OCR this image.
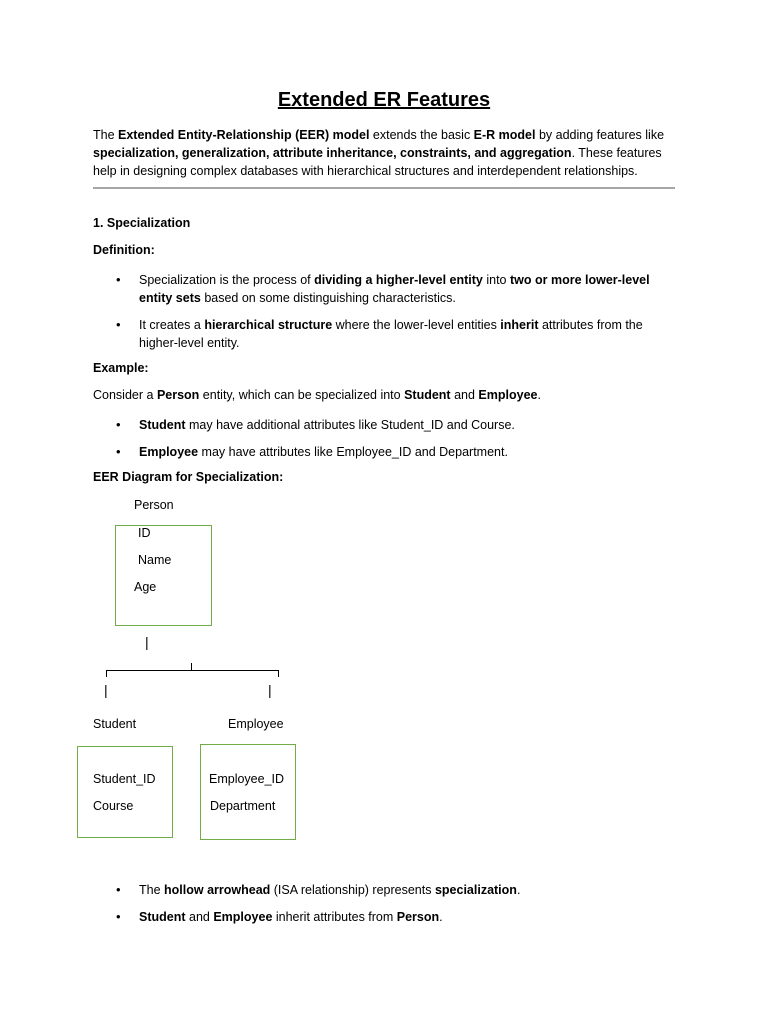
Extended ER Features
The Extended Entity-Relationship (EER) model extends the basic E-R model by adding features like specialization, generalization, attribute inheritance, constraints, and aggregation. These features help in designing complex databases with hierarchical structures and interdependent relationships.
1. Specialization
Definition:
• Specialization is the process of dividing a higher-level entity into two or more lower-level entity sets based on some distinguishing characteristics.
• It creates a hierarchical structure where the lower-level entities inherit attributes from the higher-level entity.
Example:
Consider a Person entity, which can be specialized into Student and Employee.
• Student may have additional attributes like Student_ID and Course.
• Employee may have attributes like Employee_ID and Department.
EER Diagram for Specialization:
Person
ID
Name
Age
|
|	|
Student	Employee
Student_ID
Course
Employee_ID
Department
• The hollow arrowhead (ISA relationship) represents specialization.
• Student and Employee inherit attributes from Person.
